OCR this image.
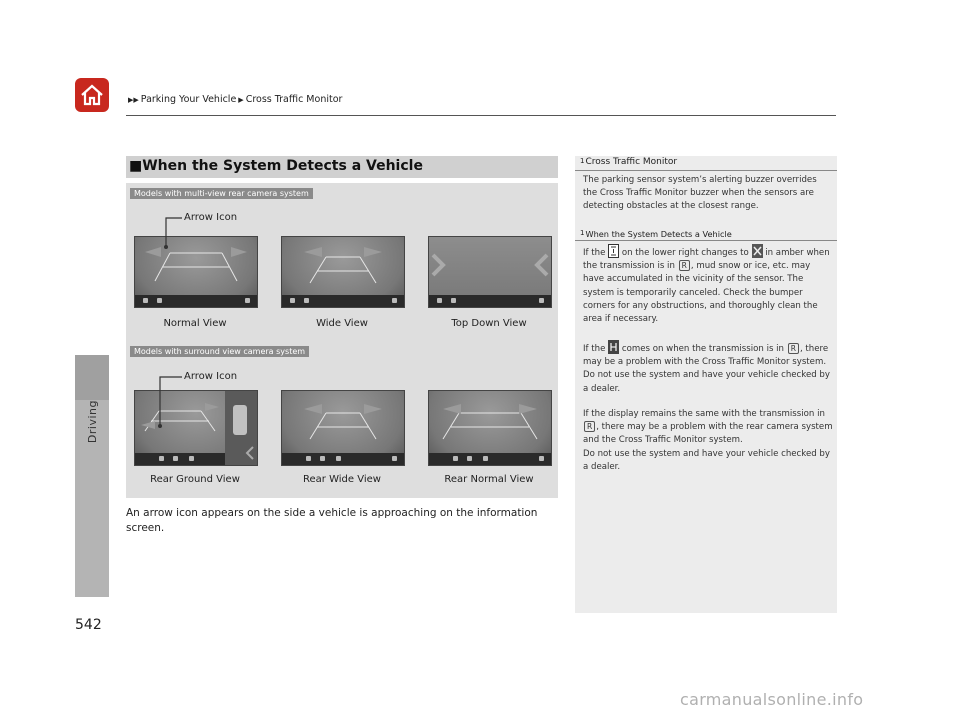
▶▶ Parking Your Vehicle ▶ Cross Traffic Monitor
Driving
542
■When the System Detects a Vehicle
Models with multi-view rear camera system
Arrow Icon
Normal View	Wide View	Top Down View
Models with surround view camera system
Arrow Icon
Rear Ground View	Rear Wide View	Rear Normal View
An arrow icon appears on the side a vehicle is approaching on the information screen.
$^1$Cross Traffic Monitor
The parking sensor system’s alerting buzzer overrides the Cross Traffic Monitor buzzer when the sensors are detecting obstacles at the closest range.
1When the System Detects a Vehicle
If the on the lower right changes to in amber when the transmission is in R , mud snow or ice, etc. may have accumulated in the vicinity of the sensor. The system is temporarily canceled. Check the bumper corners for any obstructions, and thoroughly clean the area if necessary.
If the comes on when the transmission is in R , there may be a problem with the Cross Traffic Monitor system. Do not use the system and have your vehicle checked by a dealer.
If the display remains the same with the transmission in R , there may be a problem with the rear camera system and the Cross Traffic Monitor system.
Do not use the system and have your vehicle checked by a dealer.
carmanualsonline.info
